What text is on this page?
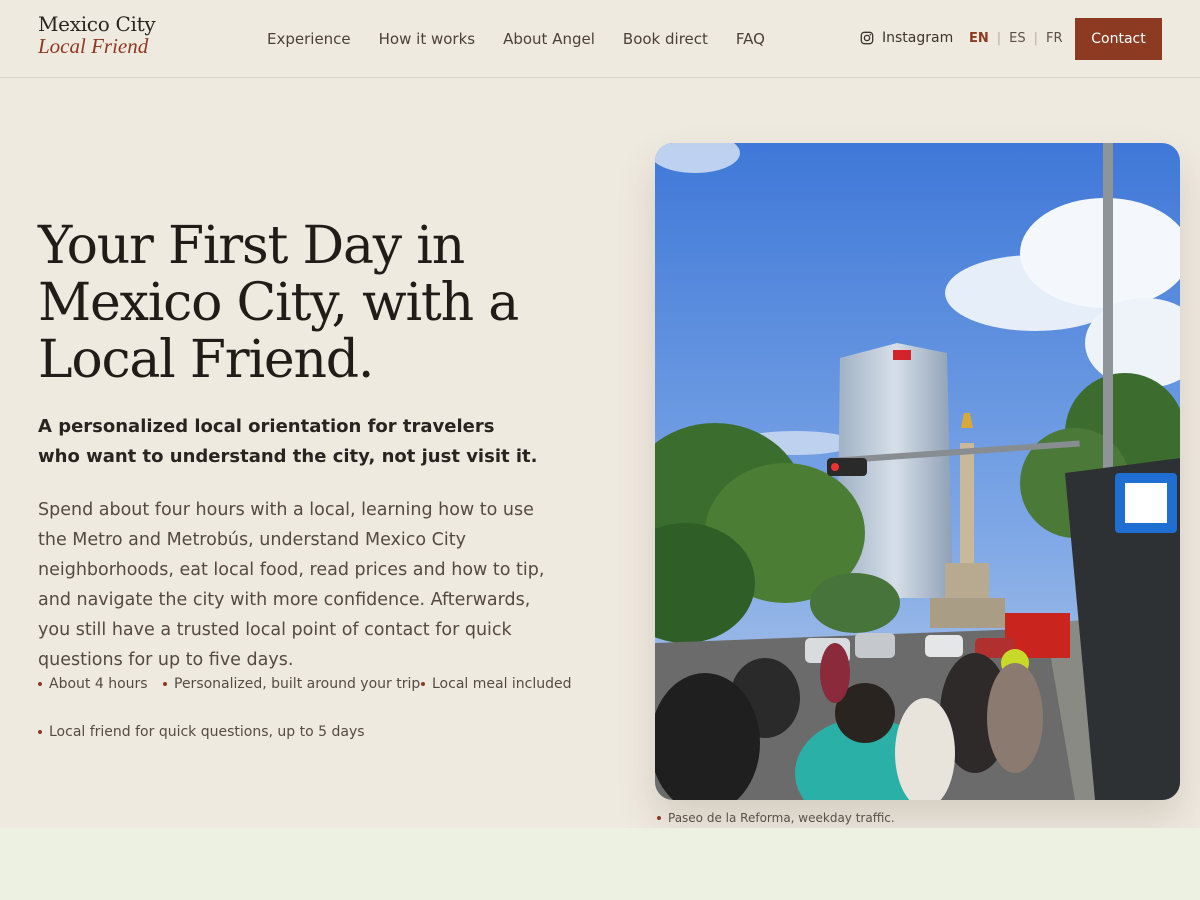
Mexico City
Local Friend	Experience How it works About Angel Book direct FAQ	Instagram EN | ES | FR	Contact
Your First Day in Mexico City, with a Local Friend.

A personalized local orientation for travelers who want to understand the city, not just visit it.

Spend about four hours with a local, learning how to use the Metro and Metrobús, understand Mexico City neighborhoods, eat local food, read prices and how to tip, and navigate the city with more confidence. Afterwards, you still have a trusted local point of contact for quick questions for up to five days.

About 4 hours Personalized, built around your trip Local meal included
Local friend for quick questions, up to 5 days
Paseo de la Reforma, weekday traffic.
